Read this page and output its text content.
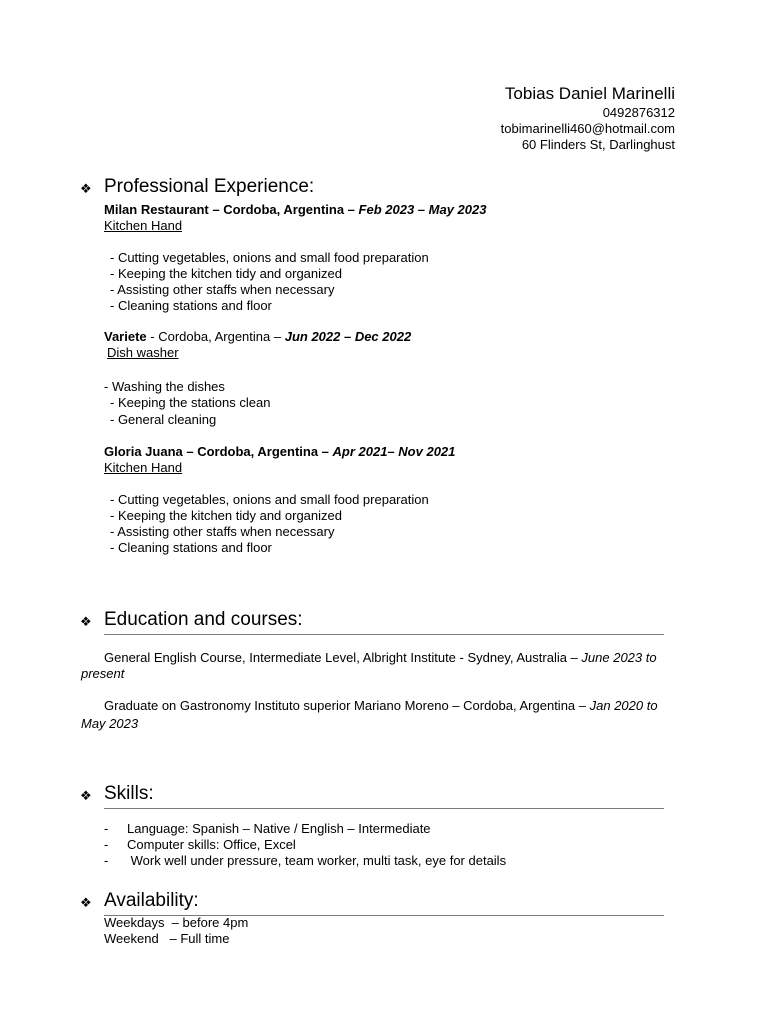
Tobias Daniel Marinelli
0492876312
tobimarinelli460@hotmail.com
60 Flinders St, Darlinghust
❖ Professional Experience:
Milan Restaurant – Cordoba, Argentina – Feb 2023 – May 2023
Kitchen Hand
- Cutting vegetables, onions and small food preparation
- Keeping the kitchen tidy and organized
- Assisting other staffs when necessary
- Cleaning stations and floor
Variete - Cordoba, Argentina – Jun 2022 – Dec 2022
Dish washer
- Washing the dishes
- Keeping the stations clean
- General cleaning
Gloria Juana – Cordoba, Argentina – Apr 2021– Nov 2021
Kitchen Hand
- Cutting vegetables, onions and small food preparation
- Keeping the kitchen tidy and organized
- Assisting other staffs when necessary
- Cleaning stations and floor
❖ Education and courses:
General English Course, Intermediate Level, Albright Institute - Sydney, Australia – June 2023 to
present
Graduate on Gastronomy Instituto superior Mariano Moreno – Cordoba, Argentina – Jan 2020 to
May 2023
❖ Skills:
- Language: Spanish – Native / English – Intermediate
- Computer skills: Office, Excel
- Work well under pressure, team worker, multi task, eye for details
❖ Availability:
Weekdays  – before 4pm
Weekend   – Full time
